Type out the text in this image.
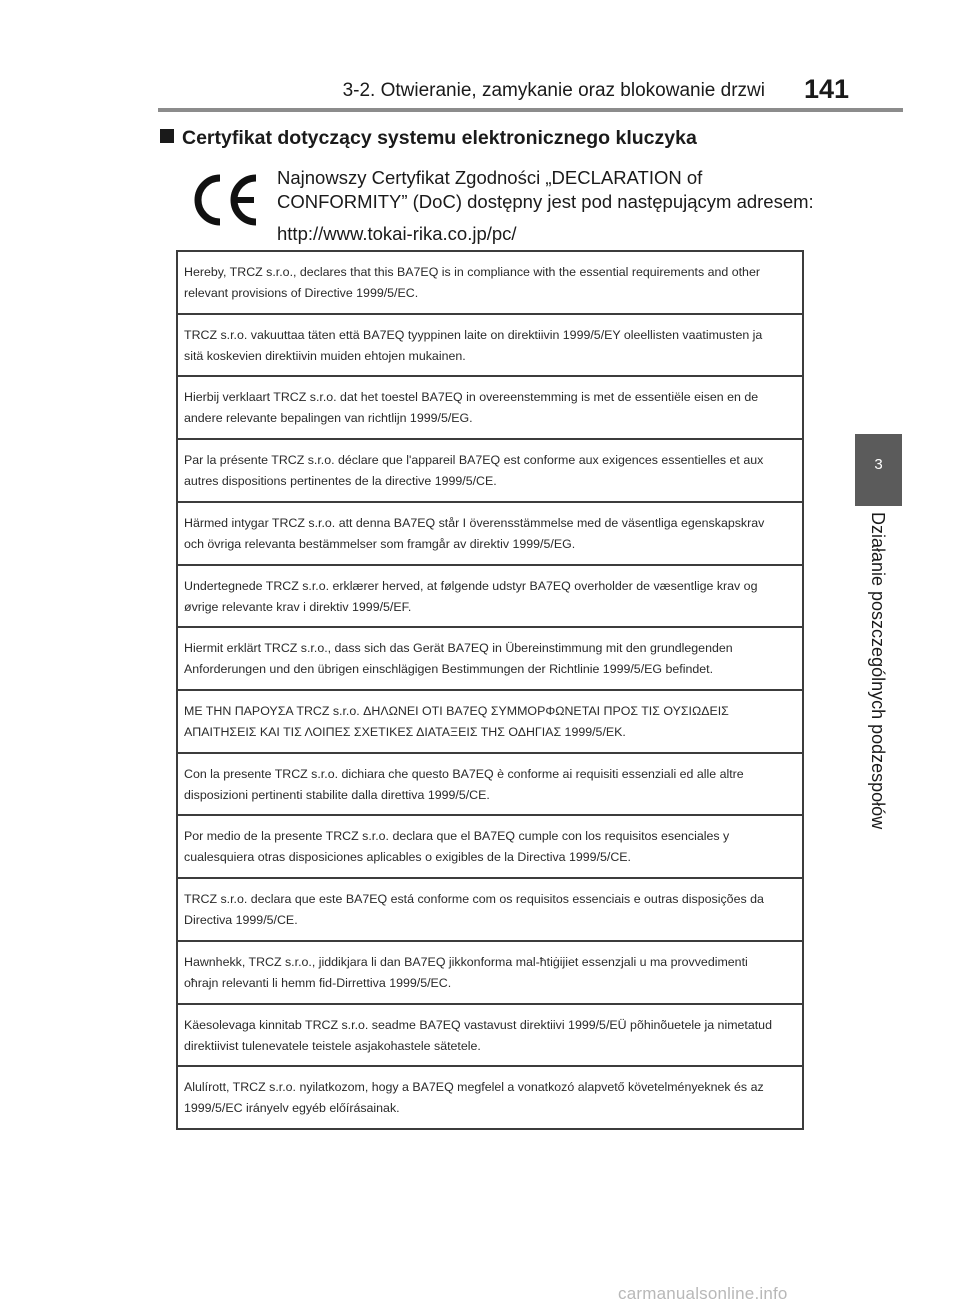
3-2. Otwieranie, zamykanie oraz blokowanie drzwi 141
3
Działanie poszczególnych podzespołów
Certyfikat dotyczący systemu elektronicznego kluczyka

Najnowszy Certyfikat Zgodności „DECLARATION of CONFORMITY” (DoC) dostępny jest pod następującym adresem:

http://www.tokai-rika.co.jp/pc/

Hereby, TRCZ s.r.o., declares that this BA7EQ is in compliance with the essential requirements and other relevant provisions of Directive 1999/5/EC.
TRCZ s.r.o. vakuuttaa täten että BA7EQ tyyppinen laite on direktiivin 1999/5/EY oleellisten vaatimusten ja sitä koskevien direktiivin muiden ehtojen mukainen.
Hierbij verklaart TRCZ s.r.o. dat het toestel BA7EQ in overeenstemming is met de essentiële eisen en de andere relevante bepalingen van richtlijn 1999/5/EG.
Par la présente TRCZ s.r.o. déclare que l'appareil BA7EQ est conforme aux exigences essentielles et aux autres dispositions pertinentes de la directive 1999/5/CE.
Härmed intygar TRCZ s.r.o. att denna BA7EQ står I överensstämmelse med de väsentliga egenskapskrav och övriga relevanta bestämmelser som framgår av direktiv 1999/5/EG.
Undertegnede TRCZ s.r.o. erklærer herved, at følgende udstyr BA7EQ overholder de væsentlige krav og øvrige relevante krav i direktiv 1999/5/EF.
Hiermit erklärt TRCZ s.r.o., dass sich das Gerät BA7EQ in Übereinstimmung mit den grundlegenden Anforderungen und den übrigen einschlägigen Bestimmungen der Richtlinie 1999/5/EG befindet.
ΜΕ ΤΗΝ ΠΑΡΟΥΣΑ TRCZ s.r.o. ΔΗΛΩΝΕΙ ΟΤΙ BA7EQ ΣΥΜΜΟΡΦΩΝΕΤΑΙ ΠΡΟΣ ΤΙΣ ΟΥΣΙΩΔΕΙΣ ΑΠΑΙΤΗΣΕΙΣ ΚΑΙ ΤΙΣ ΛΟΙΠΕΣ ΣΧΕΤΙΚΕΣ ΔΙΑΤΑΞΕΙΣ ΤΗΣ ΟΔΗΓΙΑΣ 1999/5/ΕΚ.
Con la presente TRCZ s.r.o. dichiara che questo BA7EQ è conforme ai requisiti essenziali ed alle altre disposizioni pertinenti stabilite dalla direttiva 1999/5/CE.
Por medio de la presente TRCZ s.r.o. declara que el BA7EQ cumple con los requisitos esenciales y cualesquiera otras disposiciones aplicables o exigibles de la Directiva 1999/5/CE.
TRCZ s.r.o. declara que este BA7EQ está conforme com os requisitos essenciais e outras disposições da Directiva 1999/5/CE.
Hawnhekk, TRCZ s.r.o., jiddikjara li dan BA7EQ jikkonforma mal-ħtiġijiet essenzjali u ma provvedimenti oħrajn relevanti li hemm fid-Dirrettiva 1999/5/EC.
Käesolevaga kinnitab TRCZ s.r.o. seadme BA7EQ vastavust direktiivi 1999/5/EÜ põhinõuetele ja nimetatud direktiivist tulenevatele teistele asjakohastele sätetele.
Alulírott, TRCZ s.r.o. nyilatkozom, hogy a BA7EQ megfelel a vonatkozó alapvető követelményeknek és az 1999/5/EC irányelv egyéb előírásainak.
carmanualsonline.info
